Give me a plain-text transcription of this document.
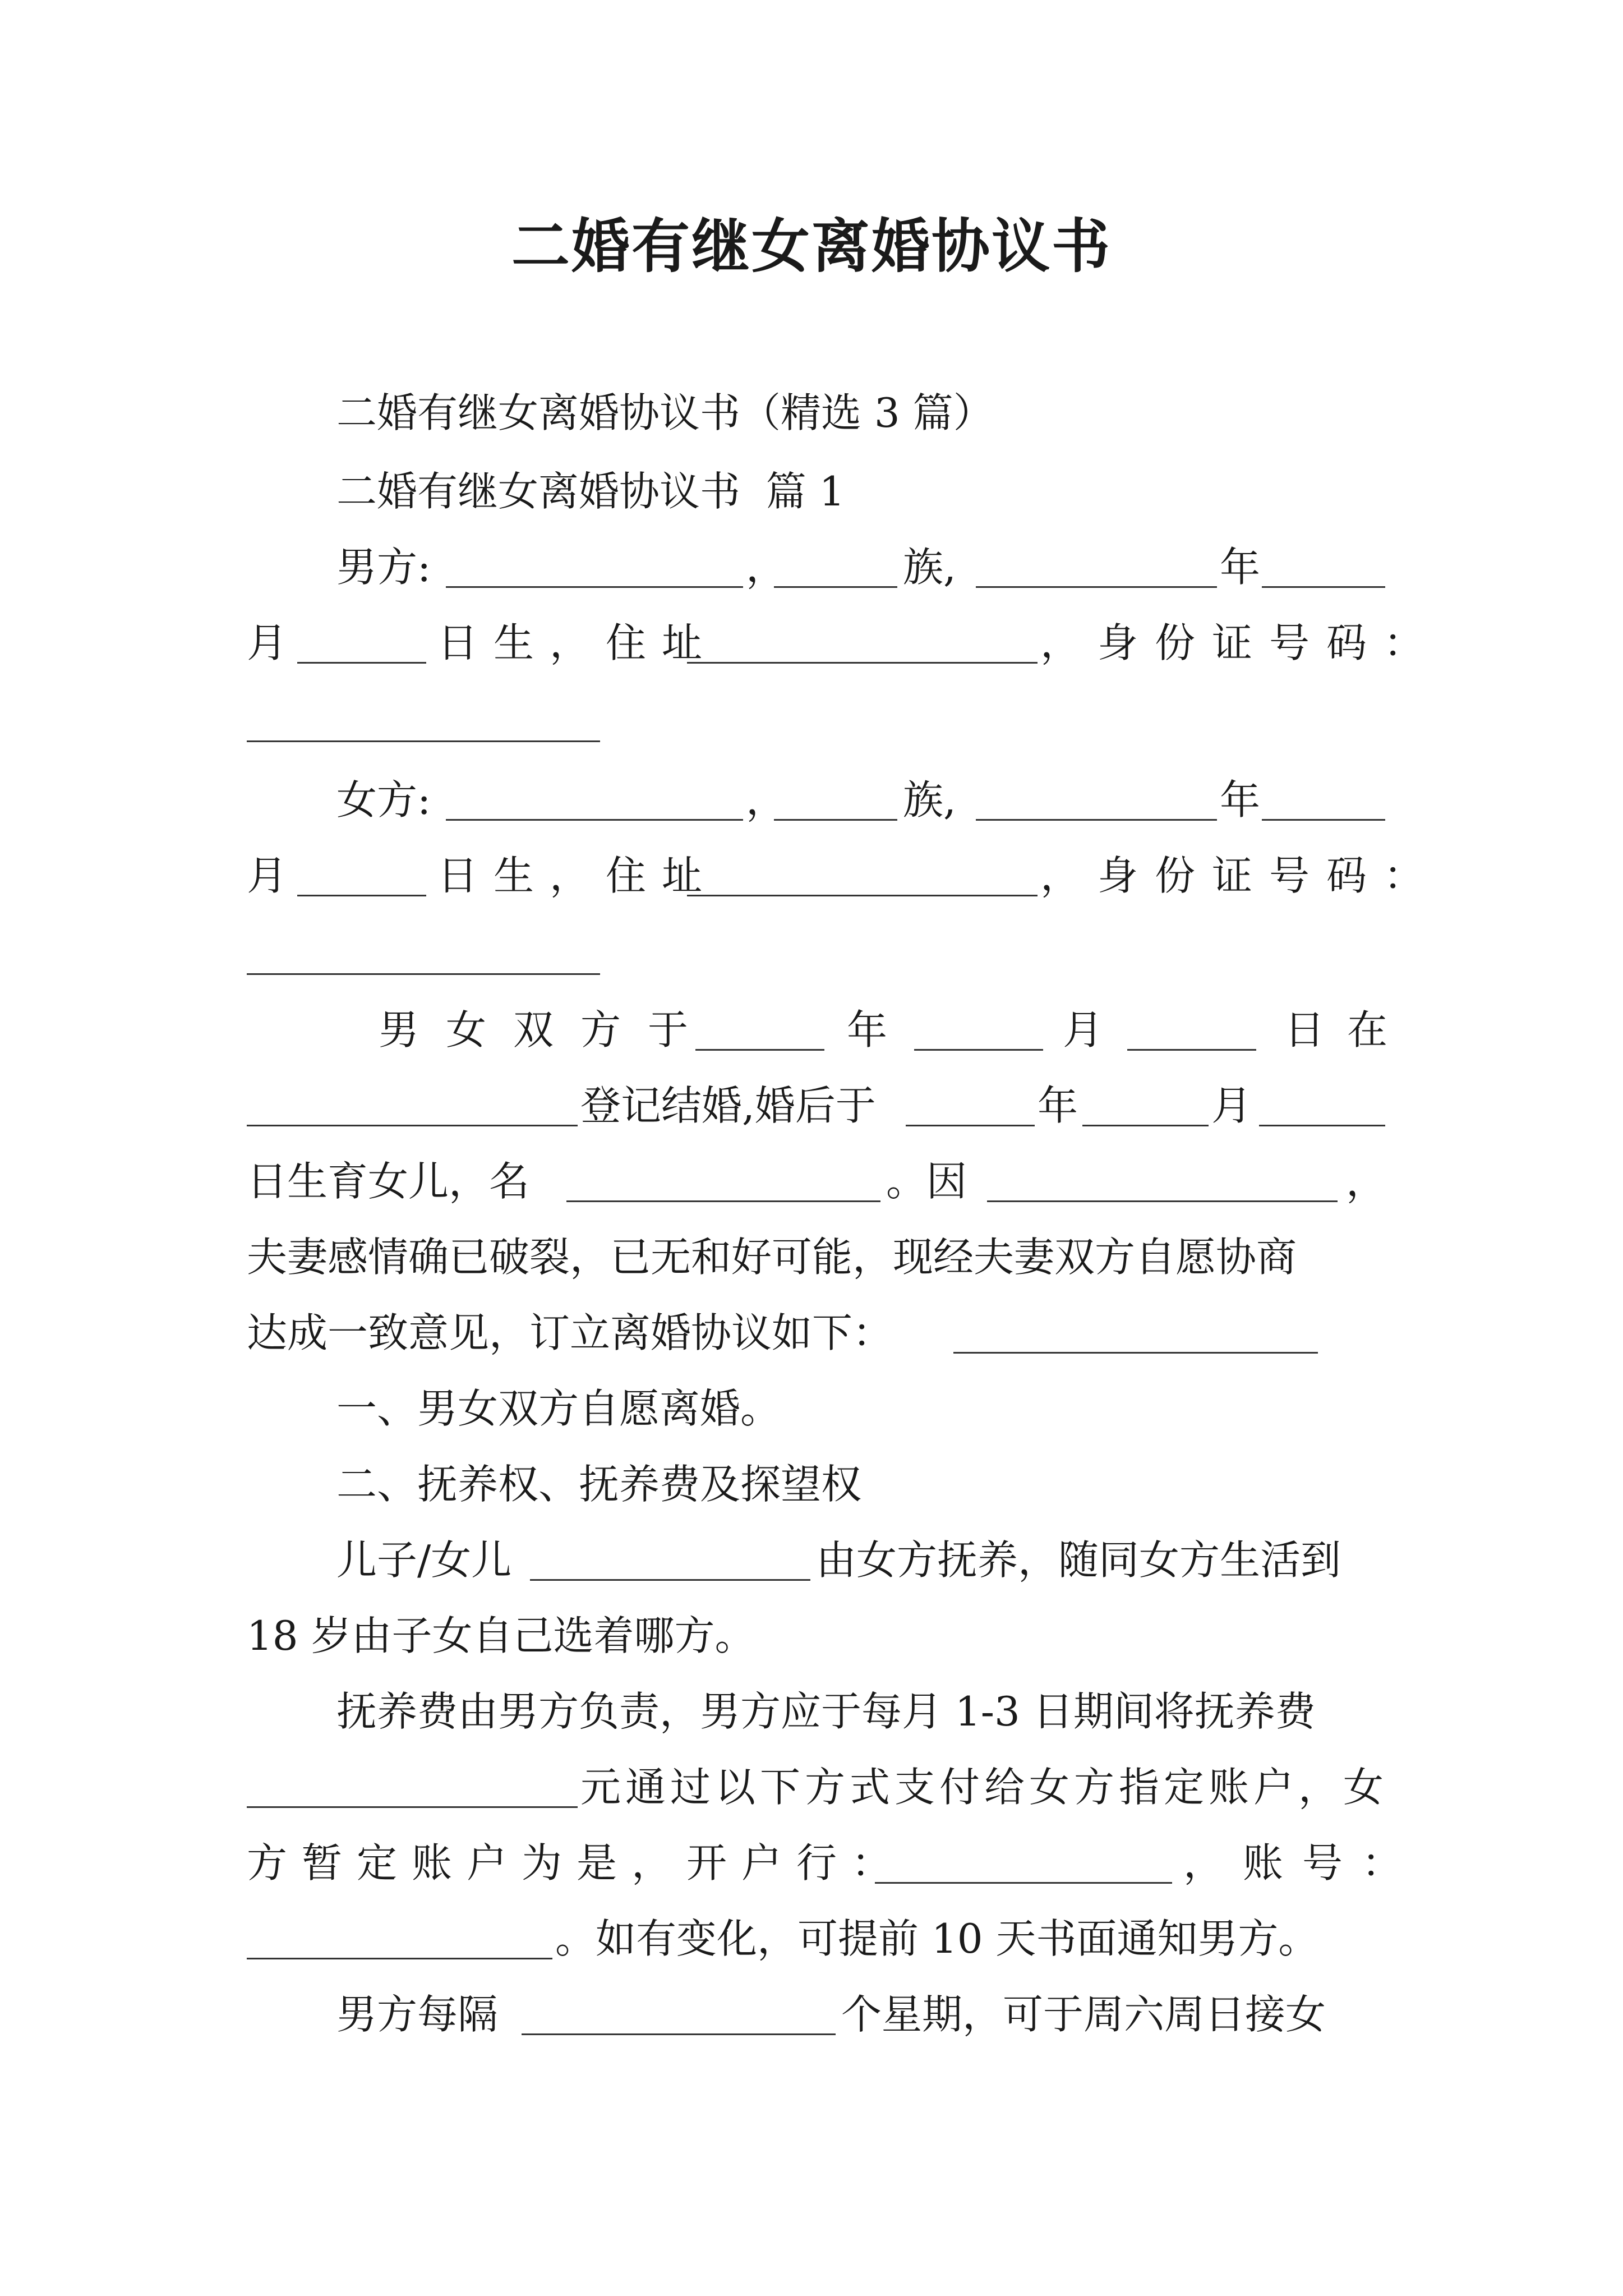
二婚有继女离婚协议书
二婚有继女离婚协议书（精选 3 篇）
二婚有继女离婚协议书  篇 1
男方:	，	族,	年
月	日生，住址	，身份证号码：
女方:	，	族,	年
月	日生，住址	，身份证号码：
男女双方于	年	月	日在
登记结婚,婚后于	年	月
日生育女儿，名	。因	，
夫妻感情确已破裂，已无和好可能，现经夫妻双方自愿协商
达成一致意见，订立离婚协议如下：
一、男女双方自愿离婚。
二、抚养权、抚养费及探望权
儿子/女儿	由女方抚养，随同女方生活到
18 岁由子女自己选着哪方。
抚养费由男方负责，男方应于每月 1-3 日期间将抚养费
元通过以下方式支付给女方指定账户，女
方暂定账户为是，开户行：	，账号：
。如有变化，可提前 10 天书面通知男方。
男方每隔	个星期，可于周六周日接女
